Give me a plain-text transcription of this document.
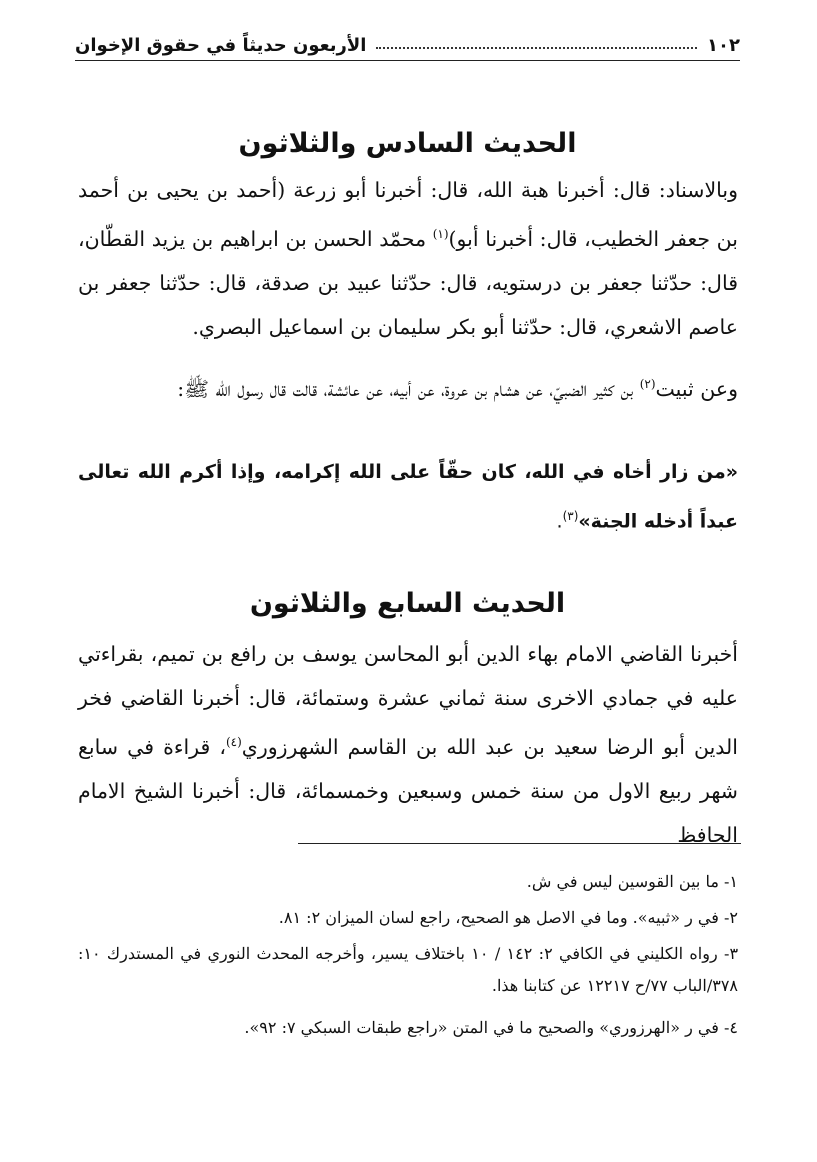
١٠٢
الأربعون حديثاً في حقوق الإخوان
الحديث السادس والثلاثون
وبالاسناد: قال: أخبرنا هبة الله، قال: أخبرنا أبو زرعة (أحمد بن يحيى بن أحمد بن جعفر الخطيب، قال: أخبرنا أبو)$^{(١)}$ محمّد الحسن بن ابراهيم بن يزيد القطّان، قال: حدّثنا جعفر بن درستويه، قال: حدّثنا عبيد بن صدقة، قال: حدّثنا جعفر بن عاصم الاشعري، قال: حدّثنا أبو بكر سليمان بن اسماعيل البصري.
وعن ثبيت$^{(٢)}$ بن كثير الضبيّ، عن هشام بن عروة، عن أبيه، عن عائشة، قالت قال رسول الله ﷺ:
«من زار أخاه في الله، كان حقّاً على الله إكرامه، وإذا أكرم الله تعالى عبداً أدخله الجنة»$^{(٣)}$.
الحديث السابع والثلاثون
أخبرنا القاضي الامام بهاء الدين أبو المحاسن يوسف بن رافع بن تميم، بقراءتي عليه في جمادي الاخرى سنة ثماني عشرة وستمائة، قال: أخبرنا القاضي فخر الدين أبو الرضا سعيد بن عبد الله بن القاسم الشهرزوري$^{(٤)}$، قراءة في سابع شهر ربيع الاول من سنة خمس وسبعين وخمسمائة، قال: أخبرنا الشيخ الامام الحافظ
١- ما بين القوسين ليس في ش.
٢- في ر «ثبيه». وما في الاصل هو الصحيح، راجع لسان الميزان ٢: ٨١.
٣- رواه الكليني في الكافي ٢: ١٤٢ / ١٠ باختلاف يسير، وأخرجه المحدث النوري في المستدرك ١٠: ٣٧٨/الباب ٧٧/ح ١٢٢١٧ عن كتابنا هذا.
٤- في ر «الهرزوري» والصحيح ما في المتن «راجع طبقات السبكي ٧: ٩٢».
